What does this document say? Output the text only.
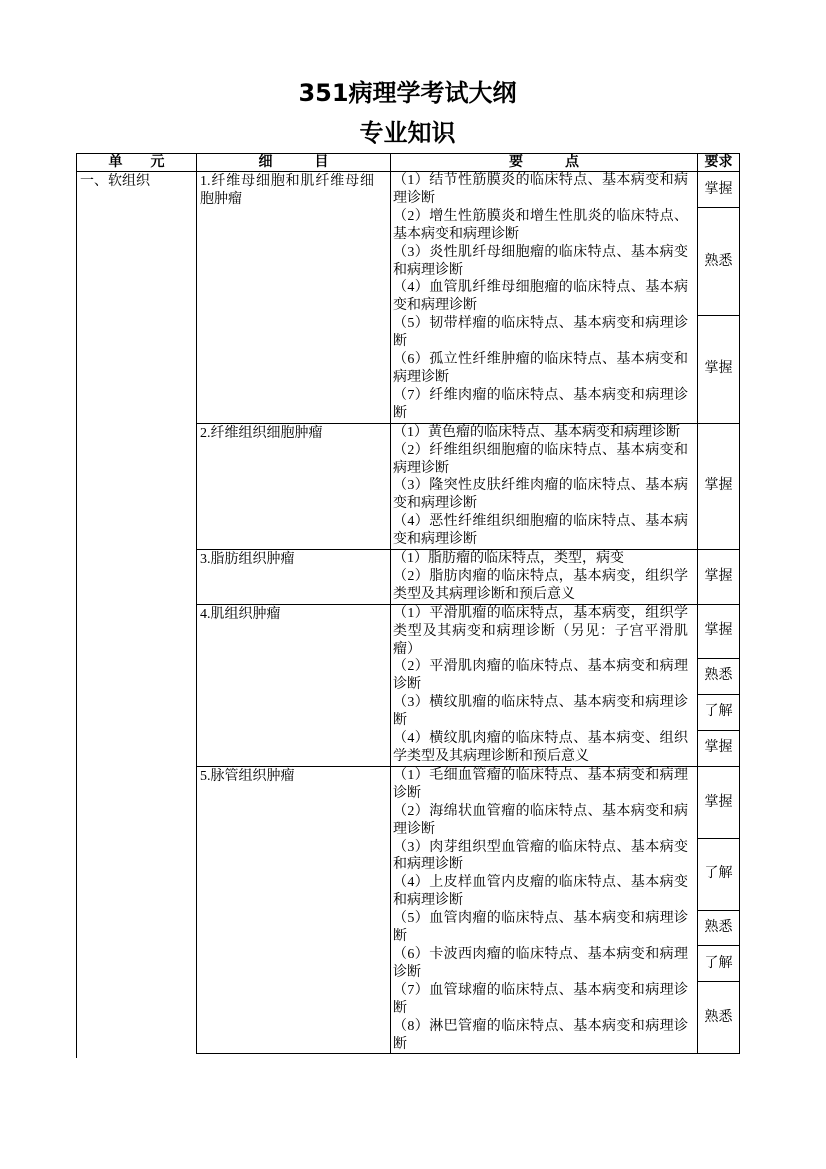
351病理学考试大纲
专业知识
单　　元	细　　　目	要　　　点	要求
一、软组织	1.纤维母细胞和肌纤维母细胞肿瘤	（1）结节性筋膜炎的临床特点、基本病变和病理诊断	掌握

		（2）增生性筋膜炎和增生性肌炎的临床特点、基本病变和病理诊断
（3）炎性肌纤母细胞瘤的临床特点、基本病变和病理诊断
（4）血管肌纤维母细胞瘤的临床特点、基本病变和病理诊断	熟悉

		（5）韧带样瘤的临床特点、基本病变和病理诊断
（6）孤立性纤维肿瘤的临床特点、基本病变和病理诊断
（7）纤维肉瘤的临床特点、基本病变和病理诊断	掌握
	2.纤维组织细胞肿瘤	（1）黄色瘤的临床特点、基本病变和病理诊断
（2）纤维组织细胞瘤的临床特点、基本病变和病理诊断
（3）隆突性皮肤纤维肉瘤的临床特点、基本病变和病理诊断
（4）恶性纤维组织细胞瘤的临床特点、基本病变和病理诊断	掌握
	3.脂肪组织肿瘤	（1）脂肪瘤的临床特点，类型，病变
（2）脂肪肉瘤的临床特点，基本病变，组织学类型及其病理诊断和预后意义	掌握
	4.肌组织肿瘤	（1）平滑肌瘤的临床特点，基本病变，组织学类型及其病变和病理诊断（另见：子宫平滑肌瘤）	掌握

		（2）平滑肌肉瘤的临床特点、基本病变和病理诊断	熟悉

		（3）横纹肌瘤的临床特点、基本病变和病理诊断	了解

		（4）横纹肌肉瘤的临床特点、基本病变、组织学类型及其病理诊断和预后意义	掌握
	5.脉管组织肿瘤	（1）毛细血管瘤的临床特点、基本病变和病理诊断
（2）海绵状血管瘤的临床特点、基本病变和病理诊断	掌握

		（3）肉芽组织型血管瘤的临床特点、基本病变和病理诊断
（4）上皮样血管内皮瘤的临床特点、基本病变和病理诊断	了解

		（5）血管肉瘤的临床特点、基本病变和病理诊断	熟悉

		（6）卡波西肉瘤的临床特点、基本病变和病理诊断	了解

		（7）血管球瘤的临床特点、基本病变和病理诊断
（8）淋巴管瘤的临床特点、基本病变和病理诊断	熟悉
